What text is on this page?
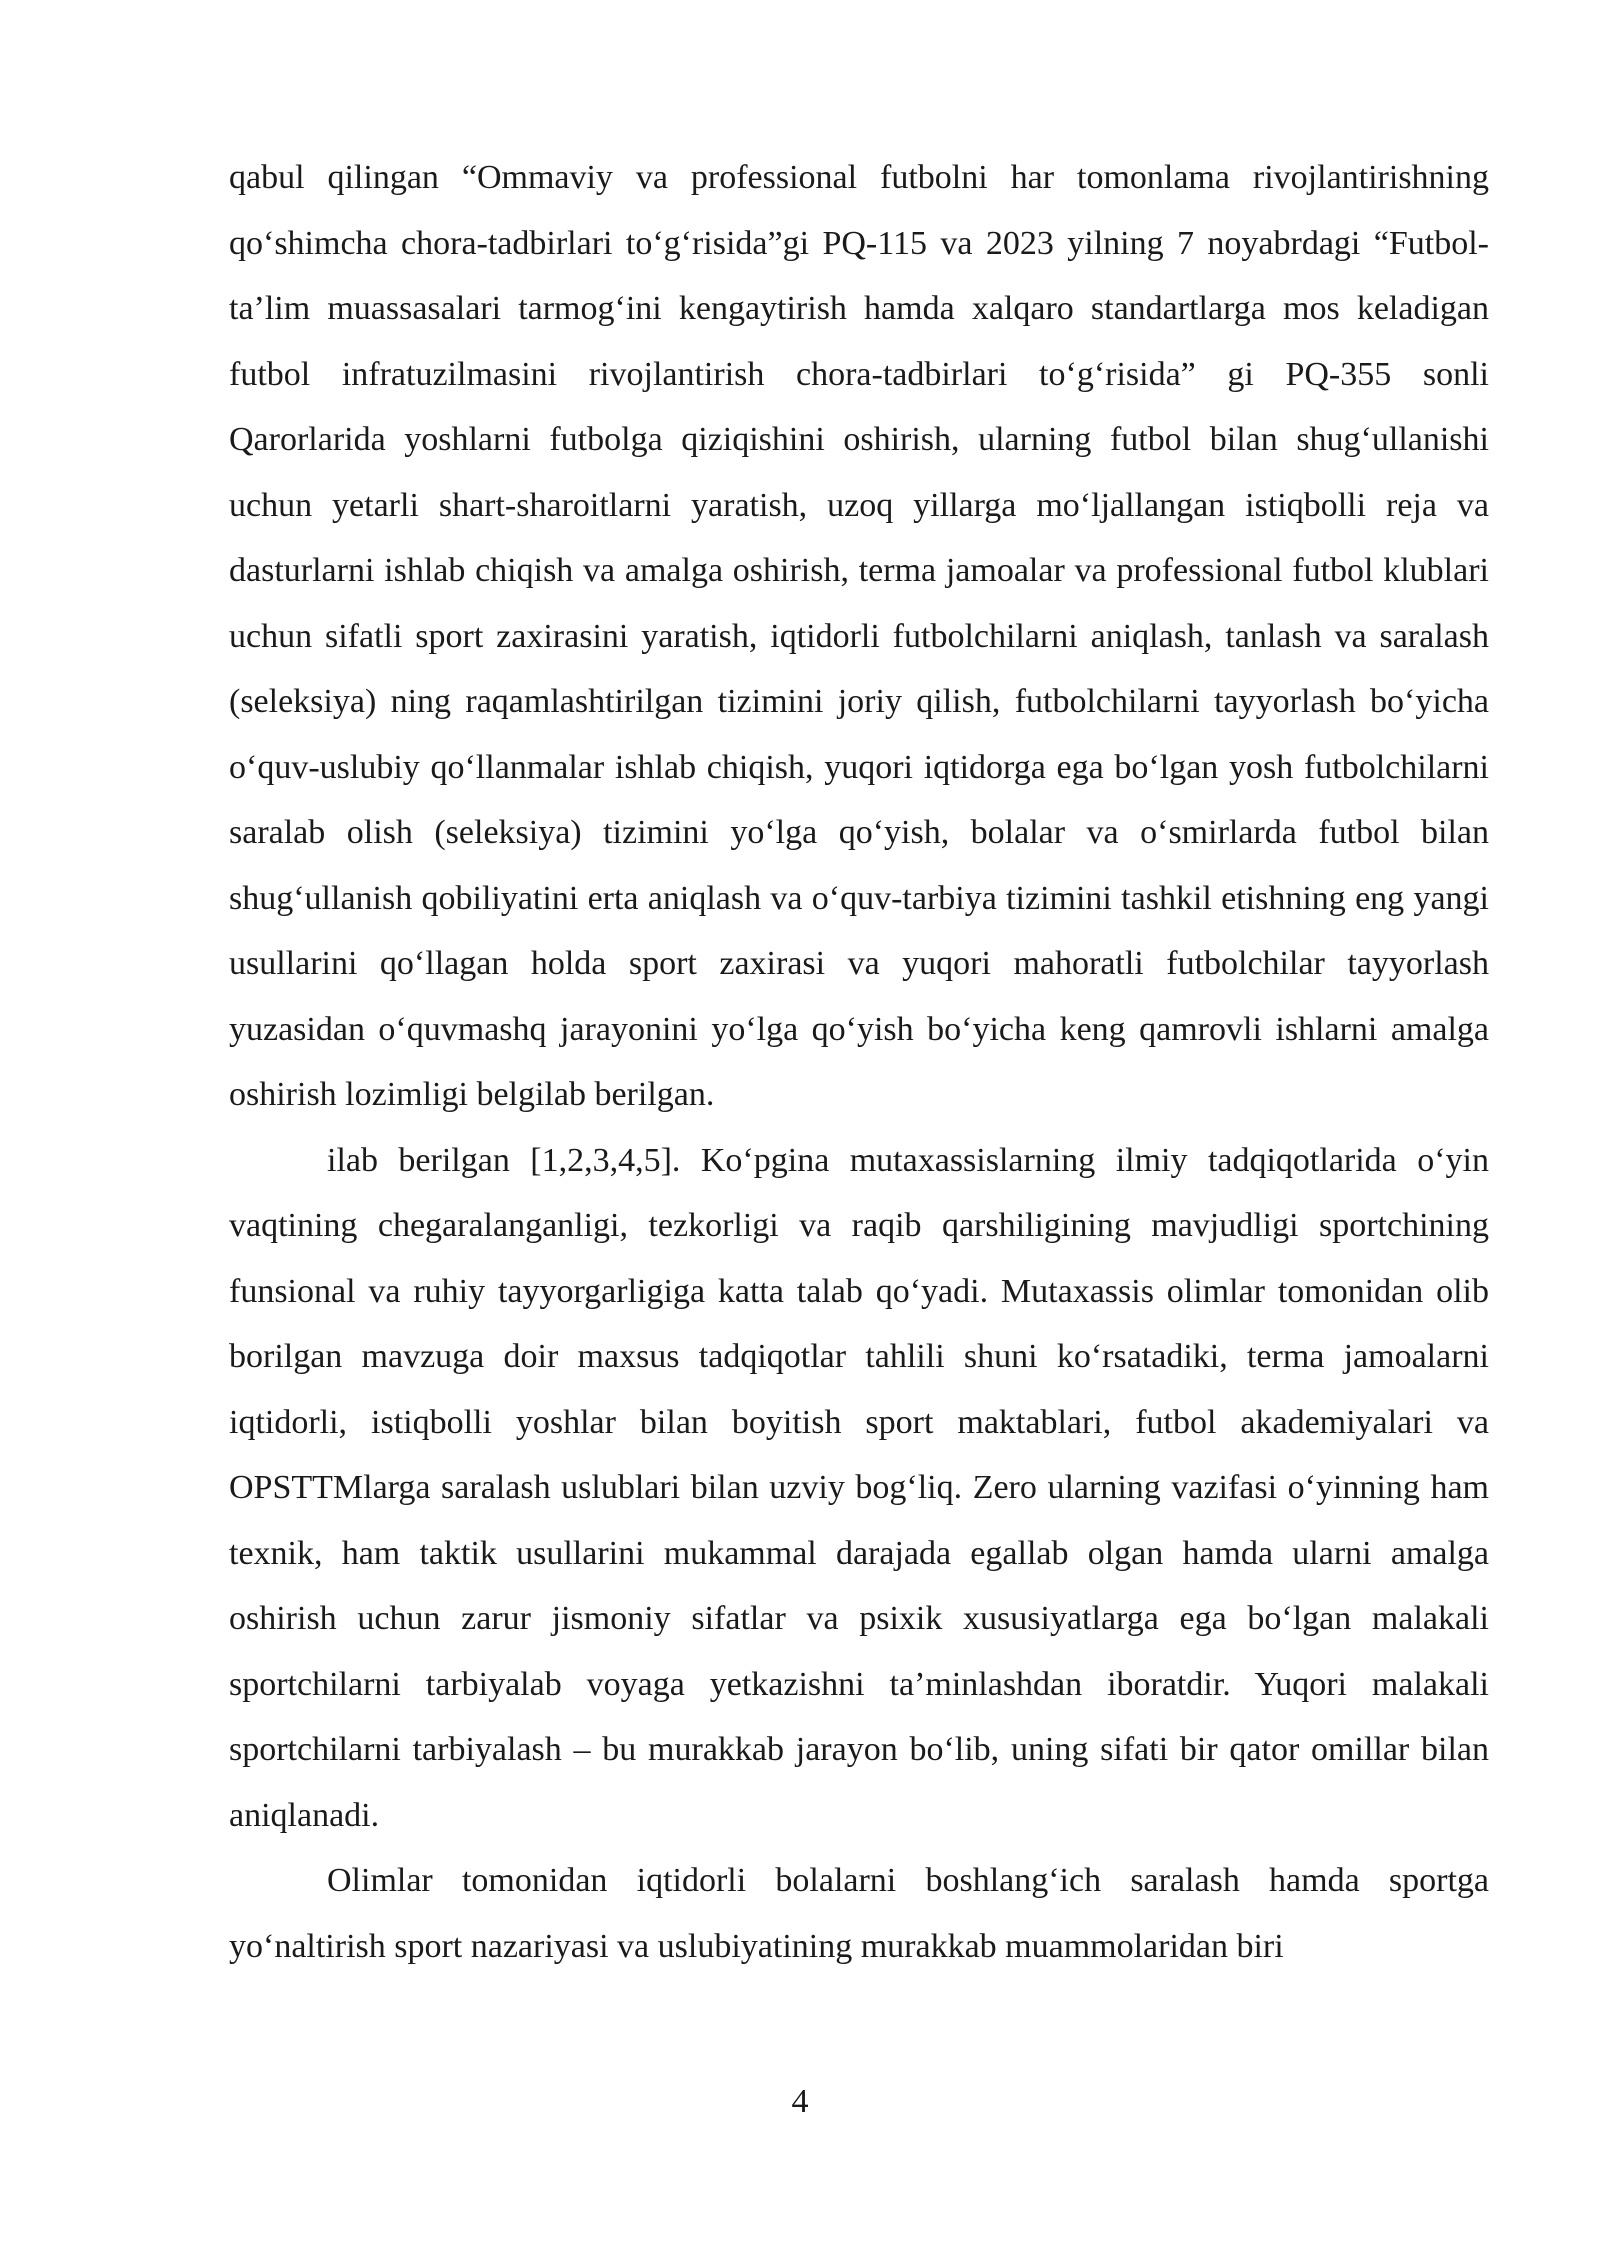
qabul qilingan “Ommaviy va professional futbolni har tomonlama rivojlantirishning qo‘shimcha chora-tadbirlari to‘g‘risida”gi PQ-115 va 2023 yilning 7 noyabrdagi “Futbol-ta’lim muassasalari tarmog‘ini kengaytirish hamda xalqaro standartlarga mos keladigan futbol infratuzilmasini rivojlantirish chora-tadbirlari to‘g‘risida” gi PQ-355 sonli Qarorlarida yoshlarni futbolga qiziqishini oshirish, ularning futbol bilan shug‘ullanishi uchun yetarli shart-sharoitlarni yaratish, uzoq yillarga mo‘ljallangan istiqbolli reja va dasturlarni ishlab chiqish va amalga oshirish, terma jamoalar va professional futbol klublari uchun sifatli sport zaxirasini yaratish, iqtidorli futbolchilarni aniqlash, tanlash va saralash (seleksiya) ning raqamlashtirilgan tizimini joriy qilish, futbolchilarni tayyorlash bo‘yicha o‘quv-uslubiy qo‘llanmalar ishlab chiqish, yuqori iqtidorga ega bo‘lgan yosh futbolchilarni saralab olish (seleksiya) tizimini yo‘lga qo‘yish, bolalar va o‘smirlarda futbol bilan shug‘ullanish qobiliyatini erta aniqlash va o‘quv-tarbiya tizimini tashkil etishning eng yangi usullarini qo‘llagan holda sport zaxirasi va yuqori mahoratli futbolchilar tayyorlash yuzasidan o‘quvmashq jarayonini yo‘lga qo‘yish bo‘yicha keng qamrovli ishlarni amalga oshirish lozimligi belgilab berilgan.

ilab berilgan [1,2,3,4,5]. Ko‘pgina mutaxassislarning ilmiy tadqiqotlarida o‘yin vaqtining chegaralanganligi, tezkorligi va raqib qarshiligining mavjudligi sportchining funsional va ruhiy tayyorgarligiga katta talab qo‘yadi. Mutaxassis olimlar tomonidan olib borilgan mavzuga doir maxsus tadqiqotlar tahlili shuni ko‘rsatadiki, terma jamoalarni iqtidorli, istiqbolli yoshlar bilan boyitish sport maktablari, futbol akademiyalari va OPSTTMlarga saralash uslublari bilan uzviy bog‘liq. Zero ularning vazifasi o‘yinning ham texnik, ham taktik usullarini mukammal darajada egallab olgan hamda ularni amalga oshirish uchun zarur jismoniy sifatlar va psixik xususiyatlarga ega bo‘lgan malakali sportchilarni tarbiyalab voyaga yetkazishni ta’minlashdan iboratdir. Yuqori malakali sportchilarni tarbiyalash – bu murakkab jarayon bo‘lib, uning sifati bir qator omillar bilan aniqlanadi.

Olimlar tomonidan iqtidorli bolalarni boshlang‘ich saralash hamda sportga yo‘naltirish sport nazariyasi va uslubiyatining murakkab muammolaridan biri

4
